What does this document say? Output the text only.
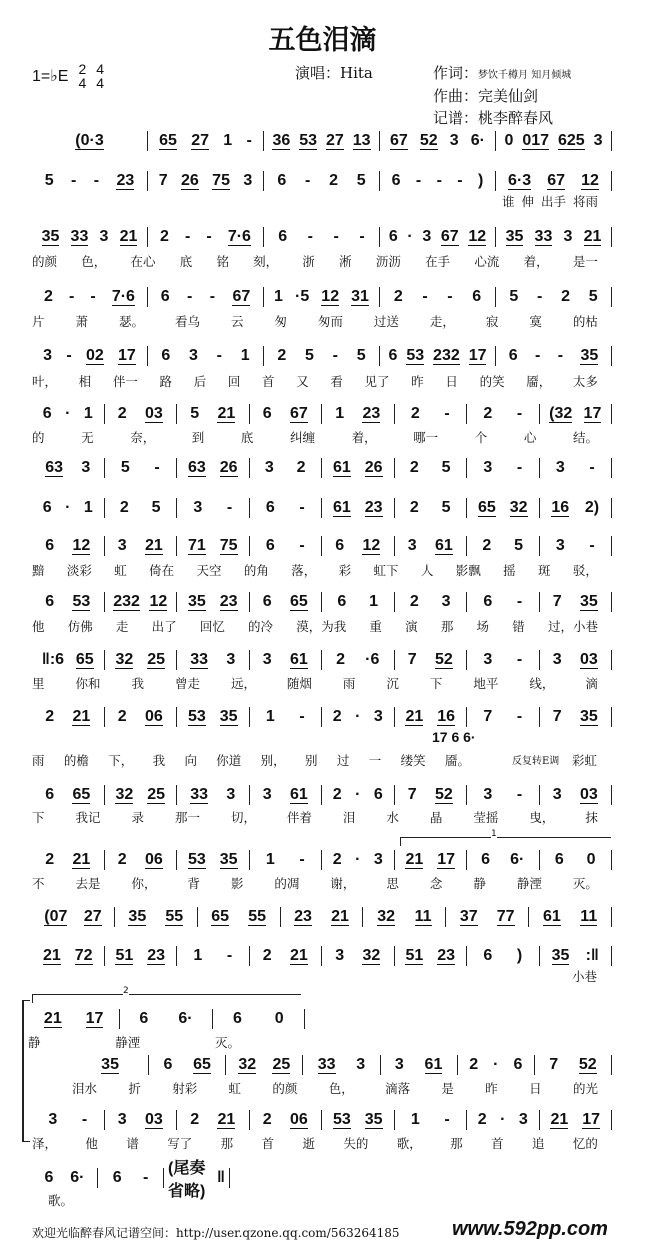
五色泪滴
1=♭E 2
4
4
4
演唱：Hita	作词：梦饮千樽月 知月倾城
作曲：完美仙剑
记谱：桃李醉春风
(0·3	65 27 1 - 36 53 27 13 67 52 3 6· 0 017 625 3
5 - - 23 7 26 75 3 6 - 2 5 6 - - - ) 6·3 67 12
谁 伸 出手 将雨
35 33 3 21 2 - - 7·6 6 - - - 6 · 3 67 12 35 33 3 21
的颜 色， 在心 底 铭 刻， 浙 淅 沥沥 在手 心流 着， 是一
2 - - 7·6 6 - - 67 1 ·5 12 31 2 - - 6 5 - 2 5
片 萧 瑟。 看乌 云 匆 匆而 过送 走， 寂 寞 的枯
3 - 02 17 6 3 - 1 2 5 - 5 6 53 232 17 6 - - 35
叶， 相 伴一 路 后 回 首 又 看 见了 昨 日 的笑 靥， 太多
6 · 1 2 03 5 21 6 67 1 23 2 - 2 - (32 17
的	无	奈，	到	底	纠缠	着，	哪一	个	心	结。
63 3 5 - 63 26 3 2 61 26 2 5 3 - 3 -
6 · 1 2 5 3 - 6 - 61 23 2 5 65 32 16 2)
6 12 3 21 71 75 6 - 6 12 3 61 2 5 3 -
黯 淡彩 虹 倚在 天空 的角 落， 彩 虹下 人 影飘 摇 斑 驳，
6 53 232 12 35 23 6 65 6 1 2 3 6 - 7 35
他 仿佛 走 出了 回忆 的冷 漠，为我 重 演 那 场 错 过，小巷
‖:6 65 32 25 33 3 3 61 2 ·6 7 52 3 - 3 03
里 你和 我 曾走 远， 随烟 雨 沉 下 地平 线， 滴
2 21 2 06 53 35 1 - 2 · 3 21 16 7 - 7 35
17 6 6·
雨 的檐 下， 我 向 你道 别， 别 过 一 缕笑 靥。	反复转E调 彩虹
6 65 32 25 33 3 3 61 2 · 6 7 52 3 - 3 03
下 我记 录 那一 切， 伴着 泪 水 晶 莹摇 曳， 抹
2 21 2 06 53 35 1 - 2 · 3 21 17 6 6· 6 0
1
不 去是 你， 背 影 的凋 谢， 思 念 静 静湮 灭。
(07 27 35 55 65 55 23 21 32 11 37 77 61 11
21 72 51 23 1 - 2 21 3 32 51 23 6 ) 35 :‖
小巷
21 17 6 6·	6 0
2
静	静湮	灭。
35	6 65 32 25 33 3 3 61 2 · 6 7 52
泪水	折	射彩	虹	的颜	色，	滴落	是	昨	日	的光
3 - 3 03 2 21 2 06 53 35 1 - 2 · 3 21 17
泽， 他 谱 写了 那 首 逝 失的 歌， 那 首 追 忆的
6 6· 6 -
(尾奏省略)
‖
歌。
欢迎光临醉春风记谱空间：http://user.qzone.qq.com/563264185	www.592pp.com
